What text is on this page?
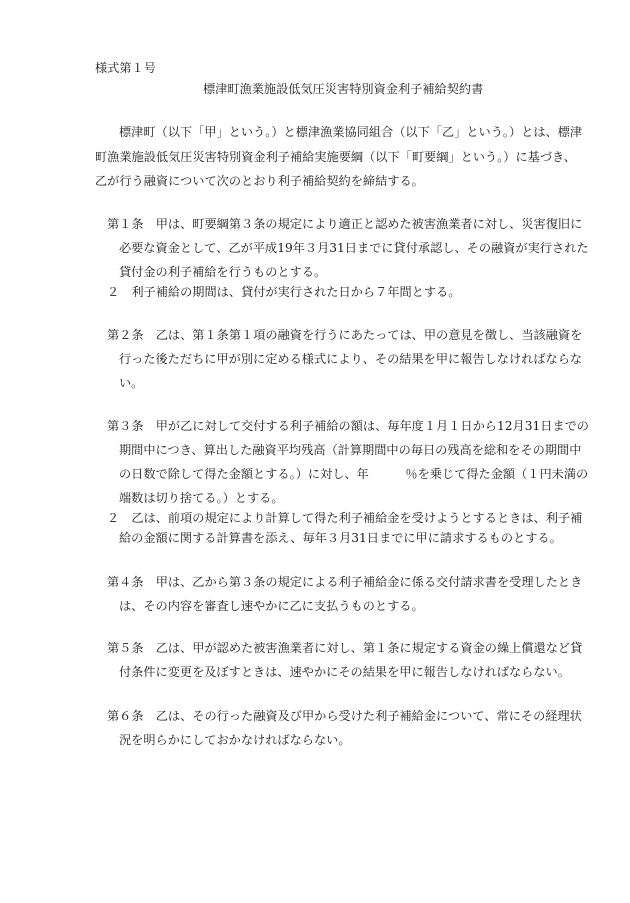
様式第１号
標津町漁業施設低気圧災害特別資金利子補給契約書
標津町（以下「甲」という。）と標津漁業協同組合（以下「乙」という。）とは、標津
町漁業施設低気圧災害特別資金利子補給実施要綱（以下「町要綱」という。）に基づき、
乙が行う融資について次のとおり利子補給契約を締結する。
第１条　甲は、町要綱第３条の規定により適正と認めた被害漁業者に対し、災害復旧に
必要な資金として、乙が平成19年３月31日までに貸付承認し、その融資が実行された
貸付金の利子補給を行うものとする。
２　利子補給の期間は、貸付が実行された日から７年間とする。
第２条　乙は、第１条第１項の融資を行うにあたっては、甲の意見を徴し、当該融資を
行った後ただちに甲が別に定める様式により、その結果を甲に報告しなければならな
い。
第３条　甲が乙に対して交付する利子補給の額は、毎年度１月１日から12月31日までの
期間中につき、算出した融資平均残高（計算期間中の毎日の残高を総和をその期間中
の日数で除して得た金額とする。）に対し、年　　　％を乗じて得た金額（１円未満の
端数は切り捨てる。）とする。
２　乙は、前項の規定により計算して得た利子補給金を受けようとするときは、利子補
給の金額に関する計算書を添え、毎年３月31日までに甲に請求するものとする。
第４条　甲は、乙から第３条の規定による利子補給金に係る交付請求書を受理したとき
は、その内容を審査し速やかに乙に支払うものとする。
第５条　乙は、甲が認めた被害漁業者に対し、第１条に規定する資金の繰上償還など貸
付条件に変更を及ぼすときは、速やかにその結果を甲に報告しなければならない。
第６条　乙は、その行った融資及び甲から受けた利子補給金について、常にその経理状
況を明らかにしておかなければならない。
